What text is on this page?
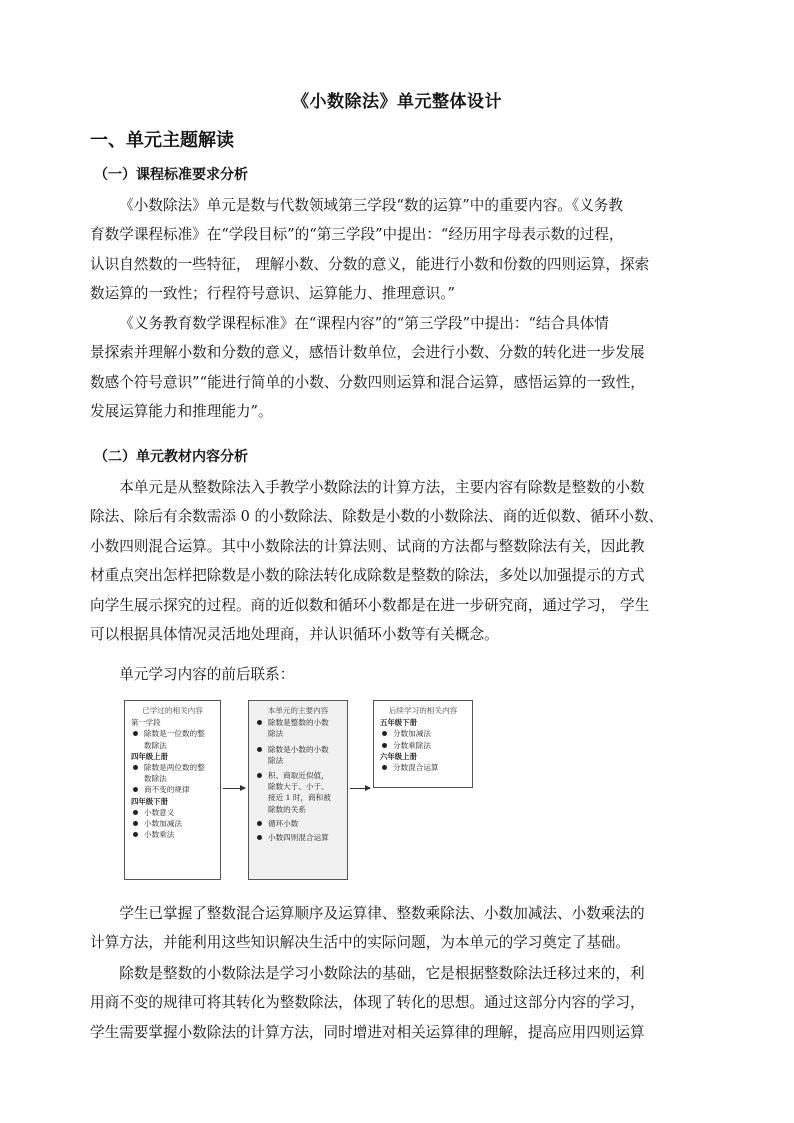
《小数除法》单元整体设计
一、单元主题解读
（一）课程标准要求分析
《小数除法》单元是数与代数领域第三学段“数的运算”中的重要内容。《义务教
育数学课程标准》在“学段目标”的“第三学段”中提出：“经历用字母表示数的过程，
认识自然数的一些特征， 理解小数、分数的意义，能进行小数和份数的四则运算，探索
数运算的一致性；行程符号意识、运算能力、推理意识。”
《义务教育数学课程标准》在“课程内容”的“第三学段”中提出：“结合具体情
景探索并理解小数和分数的意义，感悟计数单位，会进行小数、分数的转化进一步发展
数感个符号意识”“能进行简单的小数、分数四则运算和混合运算，感悟运算的一致性，
发展运算能力和推理能力”。
（二）单元教材内容分析
本单元是从整数除法入手教学小数除法的计算方法，主要内容有除数是整数的小数
除法、除后有余数需添 0 的小数除法、除数是小数的小数除法、商的近似数、循环小数、
小数四则混合运算。其中小数除法的计算法则、试商的方法都与整数除法有关，因此教
材重点突出怎样把除数是小数的除法转化成除数是整数的除法，多处以加强提示的方式
向学生展示探究的过程。商的近似数和循环小数都是在进一步研究商，通过学习， 学生
可以根据具体情况灵活地处理商，并认识循环小数等有关概念。
单元学习内容的前后联系：
已学过的相关内容
第一学段
除数是一位数的整
数除法
四年级上册
除数是两位数的整
数除法
商不变的规律
四年级下册
小数意义
小数加减法
小数乘法
本单元的主要内容
除数是整数的小数
除法
除数是小数的小数
除法
积、商取近似值，
除数大于、小于、
接近 1 时，商和被
除数的关系
循环小数
小数四则混合运算
后续学习的相关内容
五年级下册
分数加减法
分数乘除法
六年级上册
分数混合运算
学生已掌握了整数混合运算顺序及运算律、整数乘除法、小数加减法、小数乘法的
计算方法，并能利用这些知识解决生活中的实际问题，为本单元的学习奠定了基础。
除数是整数的小数除法是学习小数除法的基础，它是根据整数除法迁移过来的，利
用商不变的规律可将其转化为整数除法，体现了转化的思想。通过这部分内容的学习，
学生需要掌握小数除法的计算方法，同时增进对相关运算律的理解，提高应用四则运算
